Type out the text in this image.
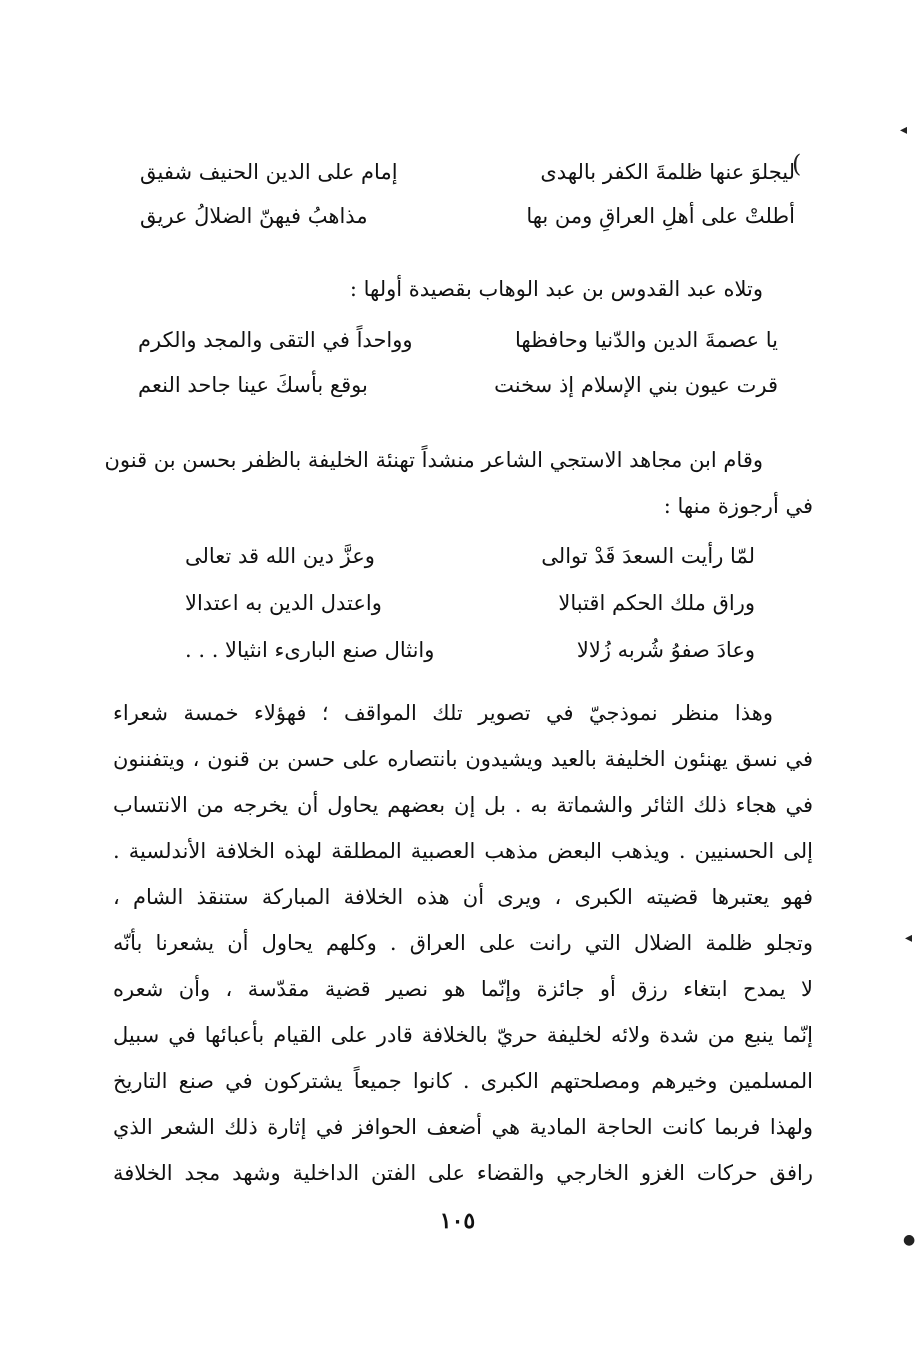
(
◂
◂
●
ليجلوَ عنها ظلمةَ الكفر بالهدى
إمام على الدين الحنيف شفيق
أطلتْ على أهلِ العراقِ ومن بها
مذاهبُ فيهنّ الضلالُ عريق
وتلاه عبد القدوس بن عبد الوهاب بقصيدة أولها :
يا عصمةَ الدين والدّنيا وحافظها
وواحداً في التقى والمجد والكرم
قرت عيون بني الإسلام إذ سخنت
بوقع بأسكَ عينا جاحد النعم
وقام ابن مجاهد الاستجي الشاعر منشداً تهنئة الخليفة بالظفر بحسن بن قنون
في أرجوزة منها :
لمّا رأيت السعدَ قَدْ توالى
وعزَّ دين الله قد تعالى
وراق ملك الحكم اقتبالا
واعتدل الدين به اعتدالا
وعادَ صفوُ شُربه زُلالا
وانثال صنع البارىء انثيالا . . .
وهذا منظر نموذجيّ في تصوير تلك المواقف ؛ فهؤلاء خمسة شعراء
في نسق يهنئون الخليفة بالعيد ويشيدون بانتصاره على حسن بن قنون ، ويتفننون
في هجاء ذلك الثائر والشماتة به . بل إن بعضهم يحاول أن يخرجه من الانتساب
إلى الحسنيين . ويذهب البعض مذهب العصبية المطلقة لهذه الخلافة الأندلسية .
فهو يعتبرها قضيته الكبرى ، ويرى أن هذه الخلافة المباركة ستنقذ الشام ،
وتجلو ظلمة الضلال التي رانت على العراق . وكلهم يحاول أن يشعرنا بأنّه
لا يمدح ابتغاء رزق أو جائزة وإنّما هو نصير قضية مقدّسة ، وأن شعره
إنّما ينبع من شدة ولائه لخليفة حريّ بالخلافة قادر على القيام بأعبائها في سبيل
المسلمين وخيرهم ومصلحتهم الكبرى . كانوا جميعاً يشتركون في صنع التاريخ
ولهذا فربما كانت الحاجة المادية هي أضعف الحوافز في إثارة ذلك الشعر الذي
رافق حركات الغزو الخارجي والقضاء على الفتن الداخلية وشهد مجد الخلافة
١٠٥
